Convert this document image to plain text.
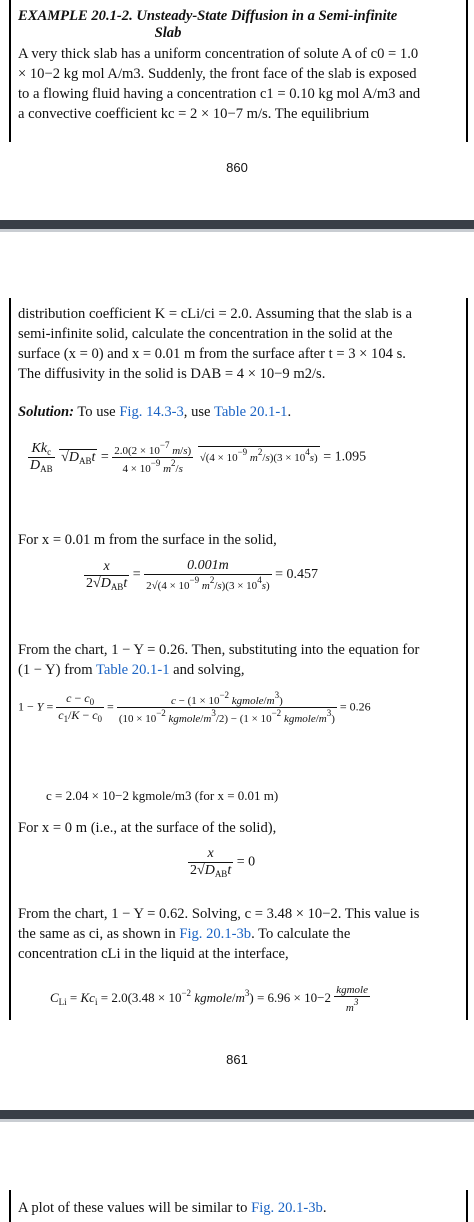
EXAMPLE 20.1-2. Unsteady-State Diffusion in a Semi-infinite
Slab
A very thick slab has a uniform concentration of solute A of c0 = 1.0
× 10−2 kg mol A/m3. Suddenly, the front face of the slab is exposed
to a flowing fluid having a concentration c1 = 0.10 kg mol A/m3 and
a convective coefficient kc = 2 × 10−7 m/s. The equilibrium
860
distribution coefficient K = cLi/ci = 2.0. Assuming that the slab is a
semi-infinite solid, calculate the concentration in the solid at the
surface (x = 0) and x = 0.01 m from the surface after t = 3 × 104 s.
The diffusivity in the solid is DAB = 4 × 10−9 m2/s.
Solution: To use Fig. 14.3-3, use Table 20.1-1.
$\frac{Kk_c}{D_{AB}} √D_{AB}t = \frac{2.0(2 \times 10^{-7} m/s)}{4 \times 10^{-9} m^2/s} √(4 \times 10^{-9}$ $m^2/s)(3 \times 10^4s) = 1.095$
For x = 0.01 m from the surface in the solid,
$\frac{x}{2√D_{AB}t} = \frac{0.001m}{2√(4 \times 10^{-9} m^2/s)(3 \times 10^4s)} = 0.457$
From the chart, 1 − Y = 0.26. Then, substituting into the equation for
(1 − Y) from Table 20.1-1 and solving,
$1 - Y = \frac{c - c_0}{c_1/K - c_0} = \frac{c - (1 \times 10^{-2} kgmole/m^3)}{(10 \times 10^{-2} kgmole/m^3/2) - (1 \times 10^{-2} kgmole/m^3)} = 0.26$
c = 2.04 × 10−2 kgmole/m3 (for x = 0.01 m)
For x = 0 m (i.e., at the surface of the solid),
$\frac{x}{2√D_{AB}t} = 0$
From the chart, 1 − Y = 0.62. Solving, c = 3.48 × 10−2. This value is
the same as ci, as shown in Fig. 20.1-3b. To calculate the
concentration cLi in the liquid at the interface,
$C_{Li} = Kc_i = 2.0(3.48 \times 10^{-2}$ kgmole/$m^3) = 6.96 \times 10-2 \frac{\text{kgmole}}{m^3}$
861
A plot of these values will be similar to Fig. 20.1-3b.
